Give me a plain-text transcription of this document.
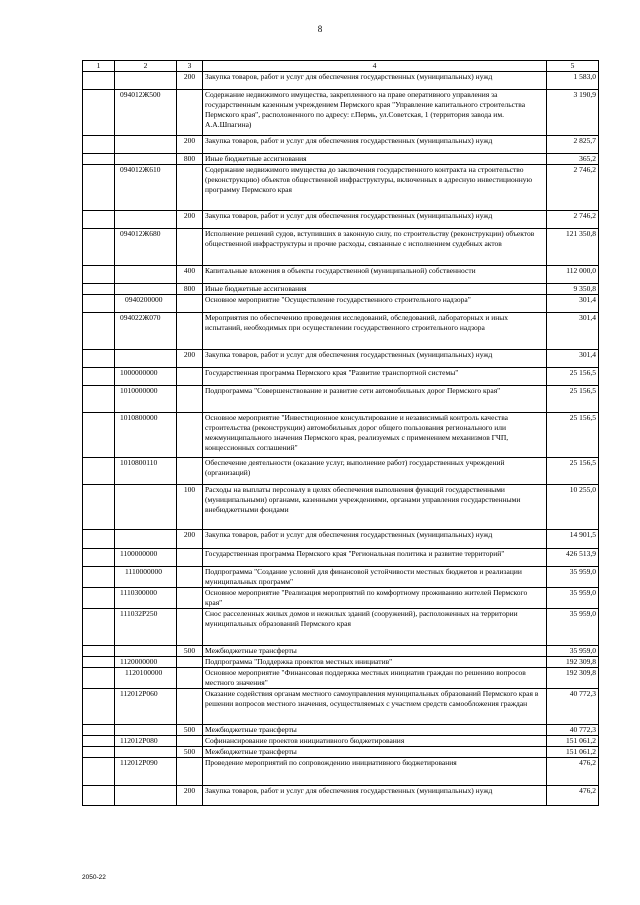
8
1	2	3	4	5
		200	Закупка товаров, работ и услуг для обеспечения государственных (муниципальных) нужд	1 583,0
	094012Ж500		Содержание недвижимого имущества, закрепленного на праве оперативного управления за государственным казенным учреждением Пермского края "Управление капитального строительства Пермского края", расположенного по адресу: г.Пермь, ул.Советская, 1 (территория завода им. А.А.Шпагина)	3 190,9
		200	Закупка товаров, работ и услуг для обеспечения государственных (муниципальных) нужд	2 825,7
		800	Иные бюджетные ассигнования	365,2
	094012Ж610		Содержание недвижимого имущества до заключения государственного контракта на строительство (реконструкцию) объектов общественной инфраструктуры, включенных в адресную инвестиционную программу Пермского края	2 746,2
		200	Закупка товаров, работ и услуг для обеспечения государственных (муниципальных) нужд	2 746,2
	094012Ж680		Исполнение решений судов, вступивших в законную силу, по строительству (реконструкции) объектов общественной инфраструктуры и прочие расходы, связанные с исполнением судебных актов	121 350,8
		400	Капитальные вложения в объекты государственной (муниципальной) собственности	112 000,0
		800	Иные бюджетные ассигнования	9 350,8
	0940200000		Основное мероприятие "Осуществление государственного строительного надзора"	301,4
	094022Ж070		Мероприятия по обеспечению проведения исследований, обследований, лабораторных и иных испытаний, необходимых при осуществлении государственного строительного надзора	301,4
		200	Закупка товаров, работ и услуг для обеспечения государственных (муниципальных) нужд	301,4
	1000000000		Государственная программа Пермского края "Развитие транспортной системы"	25 156,5
	1010000000		Подпрограмма "Совершенствование и развитие сети автомобильных дорог Пермского края"	25 156,5
	1010800000		Основное мероприятие "Инвестиционное консультирование и независимый контроль качества строительства (реконструкции) автомобильных дорог общего пользования регионального или межмуниципального значения Пермского края, реализуемых с применением механизмов ГЧП, концессионных соглашений"	25 156,5
	1010800110		Обеспечение деятельности (оказание услуг, выполнение работ) государственных учреждений (организаций)	25 156,5
		100	Расходы на выплаты персоналу в целях обеспечения выполнения функций государственными (муниципальными) органами, казенными учреждениями, органами управления государственными внебюджетными фондами	10 255,0
		200	Закупка товаров, работ и услуг для обеспечения государственных (муниципальных) нужд	14 901,5
	1100000000		Государственная программа Пермского края "Региональная политика и развитие территорий"	426 513,9
	1110000000		Подпрограмма "Создание условий для финансовой устойчивости местных бюджетов и реализации муниципальных программ"	35 959,0
	1110300000		Основное мероприятие "Реализация мероприятий по комфортному проживанию жителей Пермского края"	35 959,0
	111032Р250		Снос расселенных жилых домов и нежилых зданий (сооружений), расположенных на территории муниципальных образований Пермского края	35 959,0
		500	Межбюджетные трансферты	35 959,0
	1120000000		Подпрограмма "Поддержка проектов местных инициатив"	192 309,8
	1120100000		Основное мероприятие "Финансовая поддержка местных инициатив граждан по решению вопросов местного значения"	192 309,8
	112012Р060		Оказание содействия органам местного самоуправления муниципальных образований Пермского края в решении вопросов местного значения, осуществляемых с участием средств самообложения граждан	40 772,3
		500	Межбюджетные трансферты	40 772,3
	112012Р080		Софинансирование проектов инициативного бюджетирования	151 061,2
		500	Межбюджетные трансферты	151 061,2
	112012Р090		Проведение мероприятий по сопровождению инициативного бюджетирования	476,2
		200	Закупка товаров, работ и услуг для обеспечения государственных (муниципальных) нужд	476,2
2050-22
